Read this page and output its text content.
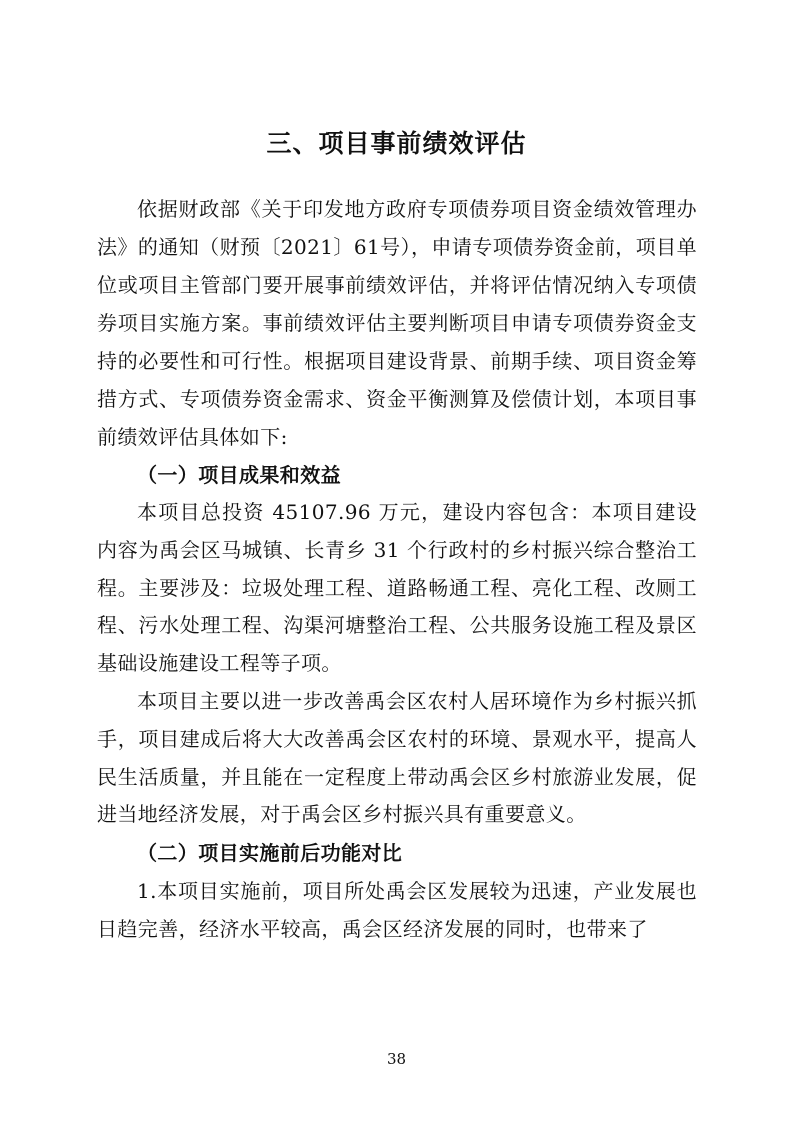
三、项目事前绩效评估

依据财政部《关于印发地方政府专项债券项目资金绩效管理办法》的通知（财预〔2021〕61号），申请专项债券资金前，项目单位或项目主管部门要开展事前绩效评估，并将评估情况纳入专项债券项目实施方案。事前绩效评估主要判断项目申请专项债券资金支持的必要性和可行性。根据项目建设背景、前期手续、项目资金筹措方式、专项债券资金需求、资金平衡测算及偿债计划，本项目事前绩效评估具体如下:

（一）项目成果和效益

本项目总投资 45107.96 万元，建设内容包含：本项目建设内容为禹会区马城镇、长青乡 31 个行政村的乡村振兴综合整治工程。主要涉及：垃圾处理工程、道路畅通工程、亮化工程、改厕工程、污水处理工程、沟渠河塘整治工程、公共服务设施工程及景区基础设施建设工程等子项。

本项目主要以进一步改善禹会区农村人居环境作为乡村振兴抓手，项目建成后将大大改善禹会区农村的环境、景观水平，提高人民生活质量，并且能在一定程度上带动禹会区乡村旅游业发展，促进当地经济发展，对于禹会区乡村振兴具有重要意义。

（二）项目实施前后功能对比

1.本项目实施前，项目所处禹会区发展较为迅速，产业发展也日趋完善，经济水平较高，禹会区经济发展的同时，也带来了

38
